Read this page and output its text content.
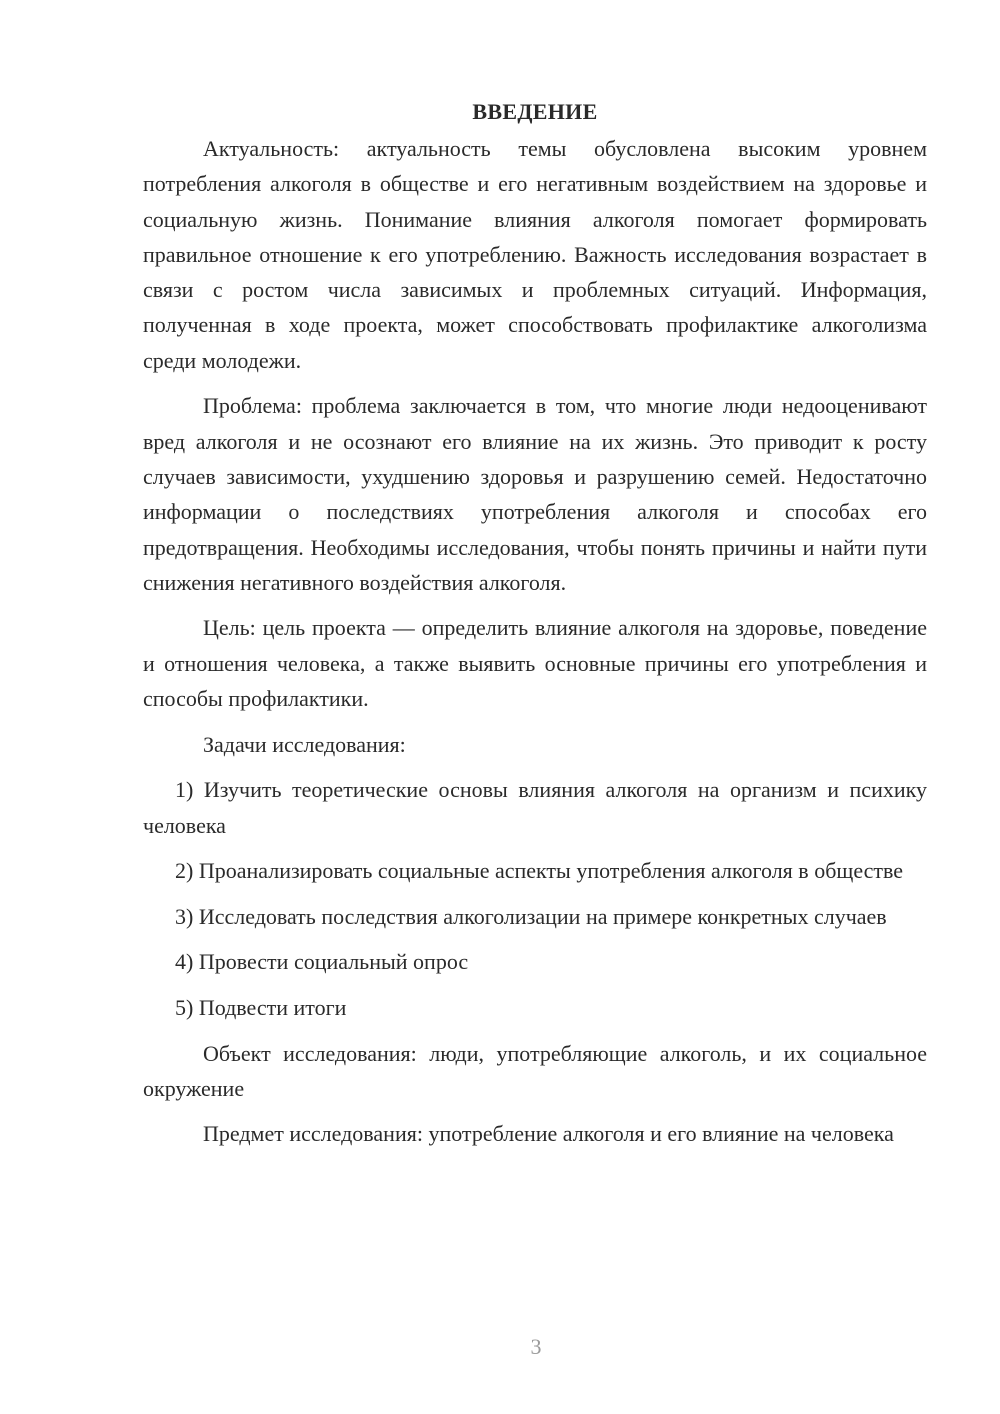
ВВЕДЕНИЕ

Актуальность: актуальность темы обусловлена высоким уровнем потребления алкоголя в обществе и его негативным воздействием на здоровье и социальную жизнь. Понимание влияния алкоголя помогает формировать правильное отношение к его употреблению. Важность исследования возрастает в связи с ростом числа зависимых и проблемных ситуаций. Информация, полученная в ходе проекта, может способствовать профилактике алкоголизма среди молодежи.

Проблема: проблема заключается в том, что многие люди недооценивают вред алкоголя и не осознают его влияние на их жизнь. Это приводит к росту случаев зависимости, ухудшению здоровья и разрушению семей. Недостаточно информации о последствиях употребления алкоголя и способах его предотвращения. Необходимы исследования, чтобы понять причины и найти пути снижения негативного воздействия алкоголя.

Цель: цель проекта — определить влияние алкоголя на здоровье, поведение и отношения человека, а также выявить основные причины его употребления и способы профилактики.

Задачи исследования:

1) Изучить теоретические основы влияния алкоголя на организм и психику человека

2) Проанализировать социальные аспекты употребления алкоголя в обществе

3) Исследовать последствия алкоголизации на примере конкретных случаев

4) Провести социальный опрос

5) Подвести итоги

Объект исследования: люди, употребляющие алкоголь, и их социальное окружение

Предмет исследования: употребление алкоголя и его влияние на человека

3
